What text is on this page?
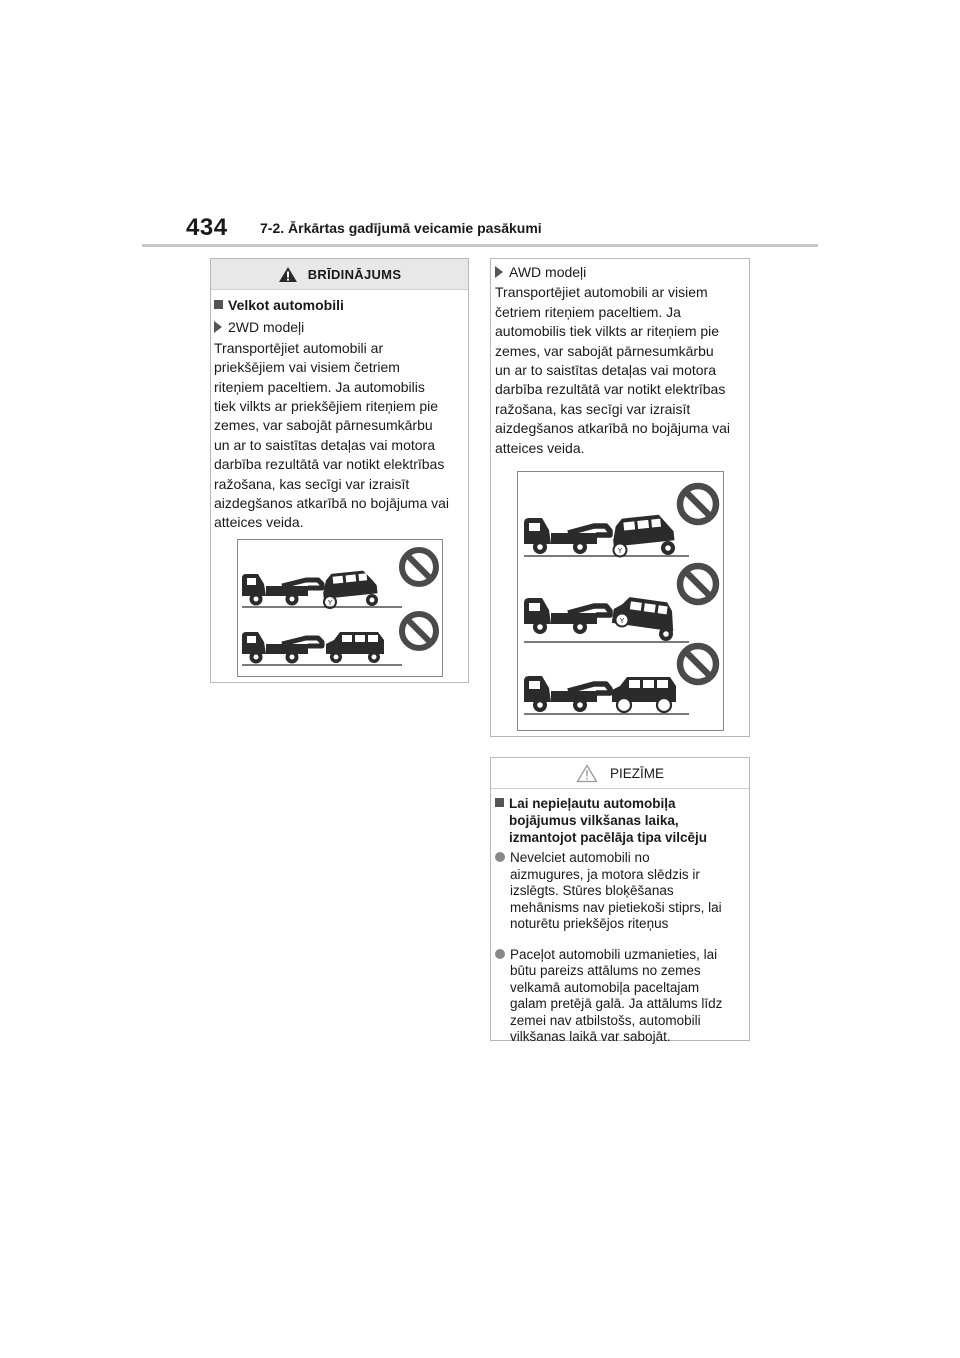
434 7-2. Ārkārtas gadījumā veicamie pasākumi
BRĪDINĀJUMS
Velkot automobili
2WD modeļi
Transportējiet automobili ar
priekšējiem vai visiem četriem
riteņiem paceltiem. Ja automobilis
tiek vilkts ar priekšējiem riteņiem pie
zemes, var sabojāt pārnesumkārbu
un ar to saistītas detaļas vai motora
darbība rezultātā var notikt elektrības
ražošana, kas secīgi var izraisīt
aizdegšanos atkarībā no bojājuma vai
atteices veida.
Y
AWD modeļi
Transportējiet automobili ar visiem
četriem riteņiem paceltiem. Ja
automobilis tiek vilkts ar riteņiem pie
zemes, var sabojāt pārnesumkārbu
un ar to saistītas detaļas vai motora
darbība rezultātā var notikt elektrības
ražošana, kas secīgi var izraisīt
aizdegšanos atkarībā no bojājuma vai
atteices veida.
Y
Y
PIEZĪME
Lai nepieļautu automobiļa
bojājumus vilkšanas laika,
izmantojot pacēlāja tipa vilcēju
Nevelciet automobili no
aizmugures, ja motora slēdzis ir
izslēgts. Stūres bloķēšanas
mehānisms nav pietiekoši stiprs, lai
noturētu priekšējos riteņus
Paceļot automobili uzmanieties, lai
būtu pareizs attālums no zemes
velkamā automobiļa paceltajam
galam pretējā galā. Ja attālums līdz
zemei nav atbilstošs, automobili
vilkšanas laikā var sabojāt.
